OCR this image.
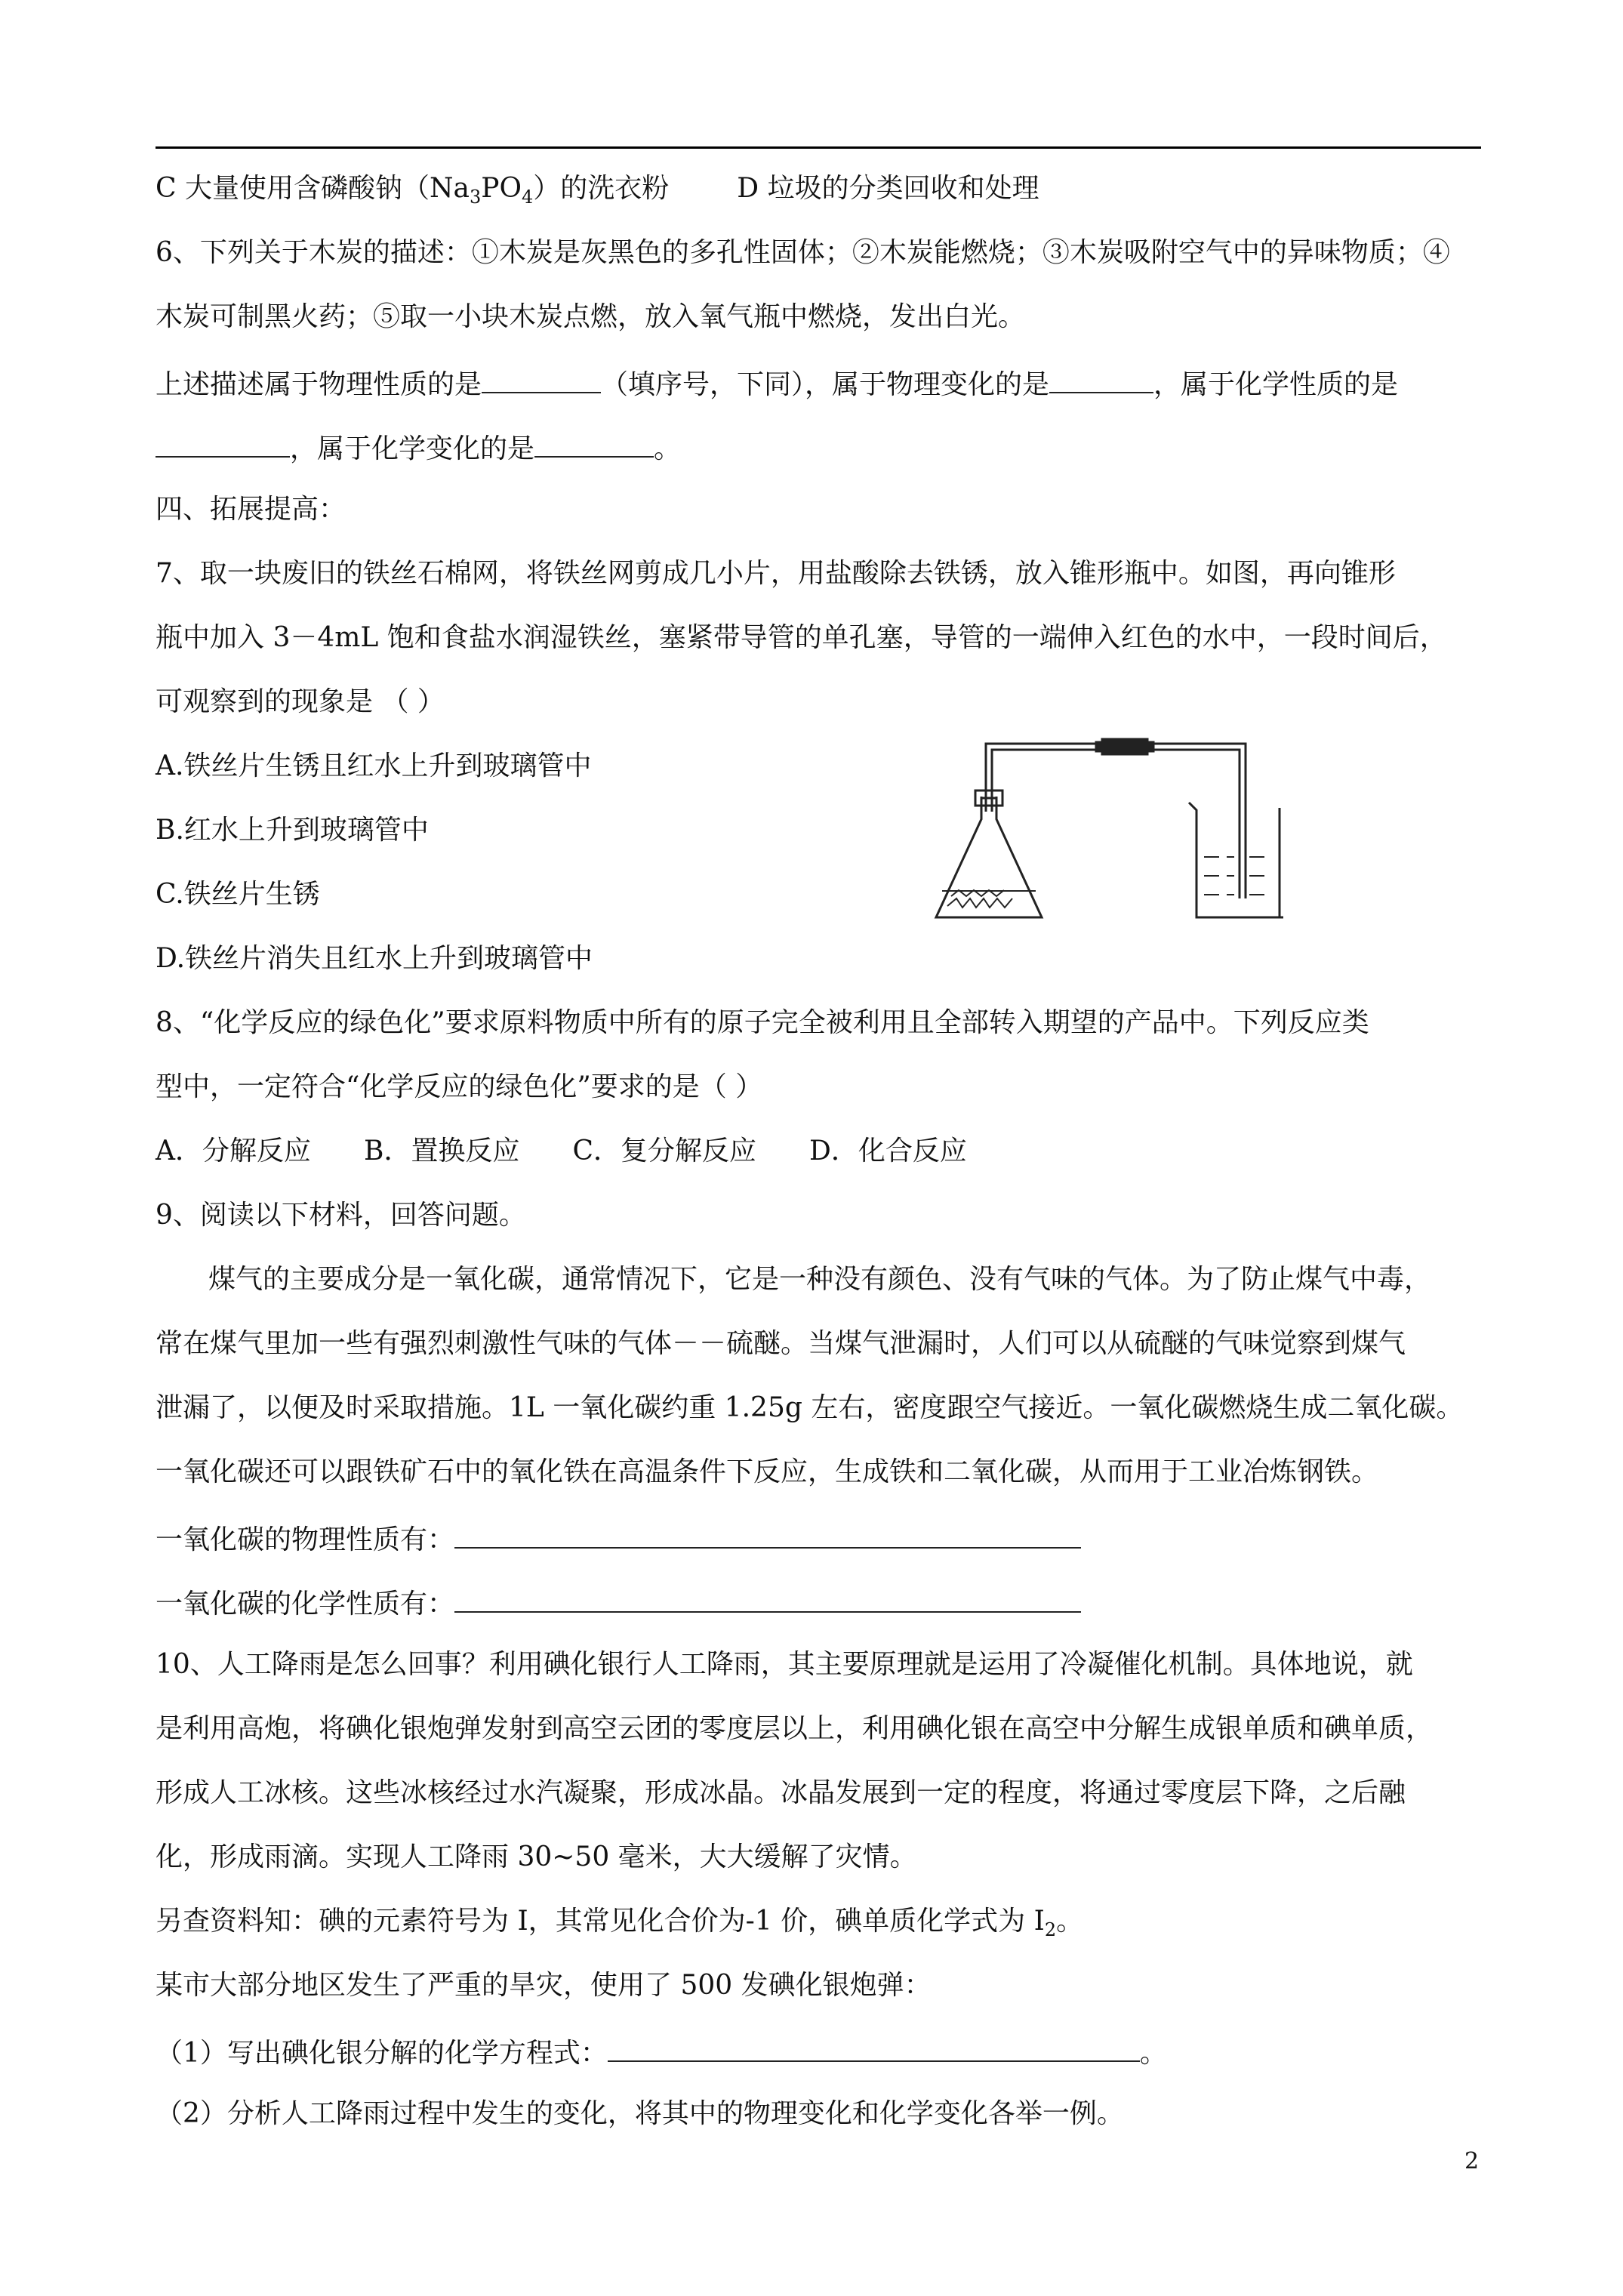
C 大量使用含磷酸钠$(Na_3PO_4)$的洗衣粉	D 垃圾的分类回收和处理
6、下列关于木炭的描述：①木炭是灰黑色的多孔性固体；②木炭能燃烧；③木炭吸附空气中的异味物质；④
木炭可制黑火药；⑤取一小块木炭点燃，放入氧气瓶中燃烧，发出白光。
上述描述属于物理性质的是	（填序号，下同），属于物理变化的是	，属于化学性质的是
，属于化学变化的是	。
四、拓展提高：
7、取一块废旧的铁丝石棉网，将铁丝网剪成几小片，用盐酸除去铁锈，放入锥形瓶中。如图，再向锥形
瓶中加入 3－4mL 饱和食盐水润湿铁丝，塞紧带导管的单孔塞，导管的一端伸入红色的水中，一段时间后，
可观察到的现象是 （ ）
A.铁丝片生锈且红水上升到玻璃管中
B.红水上升到玻璃管中
C.铁丝片生锈
D.铁丝片消失且红水上升到玻璃管中
8、“化学反应的绿色化”要求原料物质中所有的原子完全被利用且全部转入期望的产品中。下列反应类
型中，一定符合“化学反应的绿色化”要求的是（ ）
A．分解反应 B．置换反应 C．复分解反应 D．化合反应
9、阅读以下材料，回答问题。
煤气的主要成分是一氧化碳，通常情况下，它是一种没有颜色、没有气味的气体。为了防止煤气中毒，
常在煤气里加一些有强烈刺激性气味的气体－－硫醚。当煤气泄漏时，人们可以从硫醚的气味觉察到煤气
泄漏了，以便及时采取措施。1L 一氧化碳约重 1.25g 左右，密度跟空气接近。一氧化碳燃烧生成二氧化碳。
一氧化碳还可以跟铁矿石中的氧化铁在高温条件下反应，生成铁和二氧化碳，从而用于工业冶炼钢铁。
一氧化碳的物理性质有：
一氧化碳的化学性质有：
10、人工降雨是怎么回事？利用碘化银行人工降雨，其主要原理就是运用了冷凝催化机制。具体地说，就
是利用高炮，将碘化银炮弹发射到高空云团的零度层以上，利用碘化银在高空中分解生成银单质和碘单质，
形成人工冰核。这些冰核经过水汽凝聚，形成冰晶。冰晶发展到一定的程度，将通过零度层下降，之后融
化，形成雨滴。实现人工降雨 30~50 毫米，大大缓解了灾情。
另查资料知：碘的元素符号为 I，其常见化合价为-1 价，碘单质化学式为 $I_2$。
某市大部分地区发生了严重的旱灾，使用了 500 发碘化银炮弹：
（1）写出碘化银分解的化学方程式：	。
（2）分析人工降雨过程中发生的变化，将其中的物理变化和化学变化各举一例。
2
